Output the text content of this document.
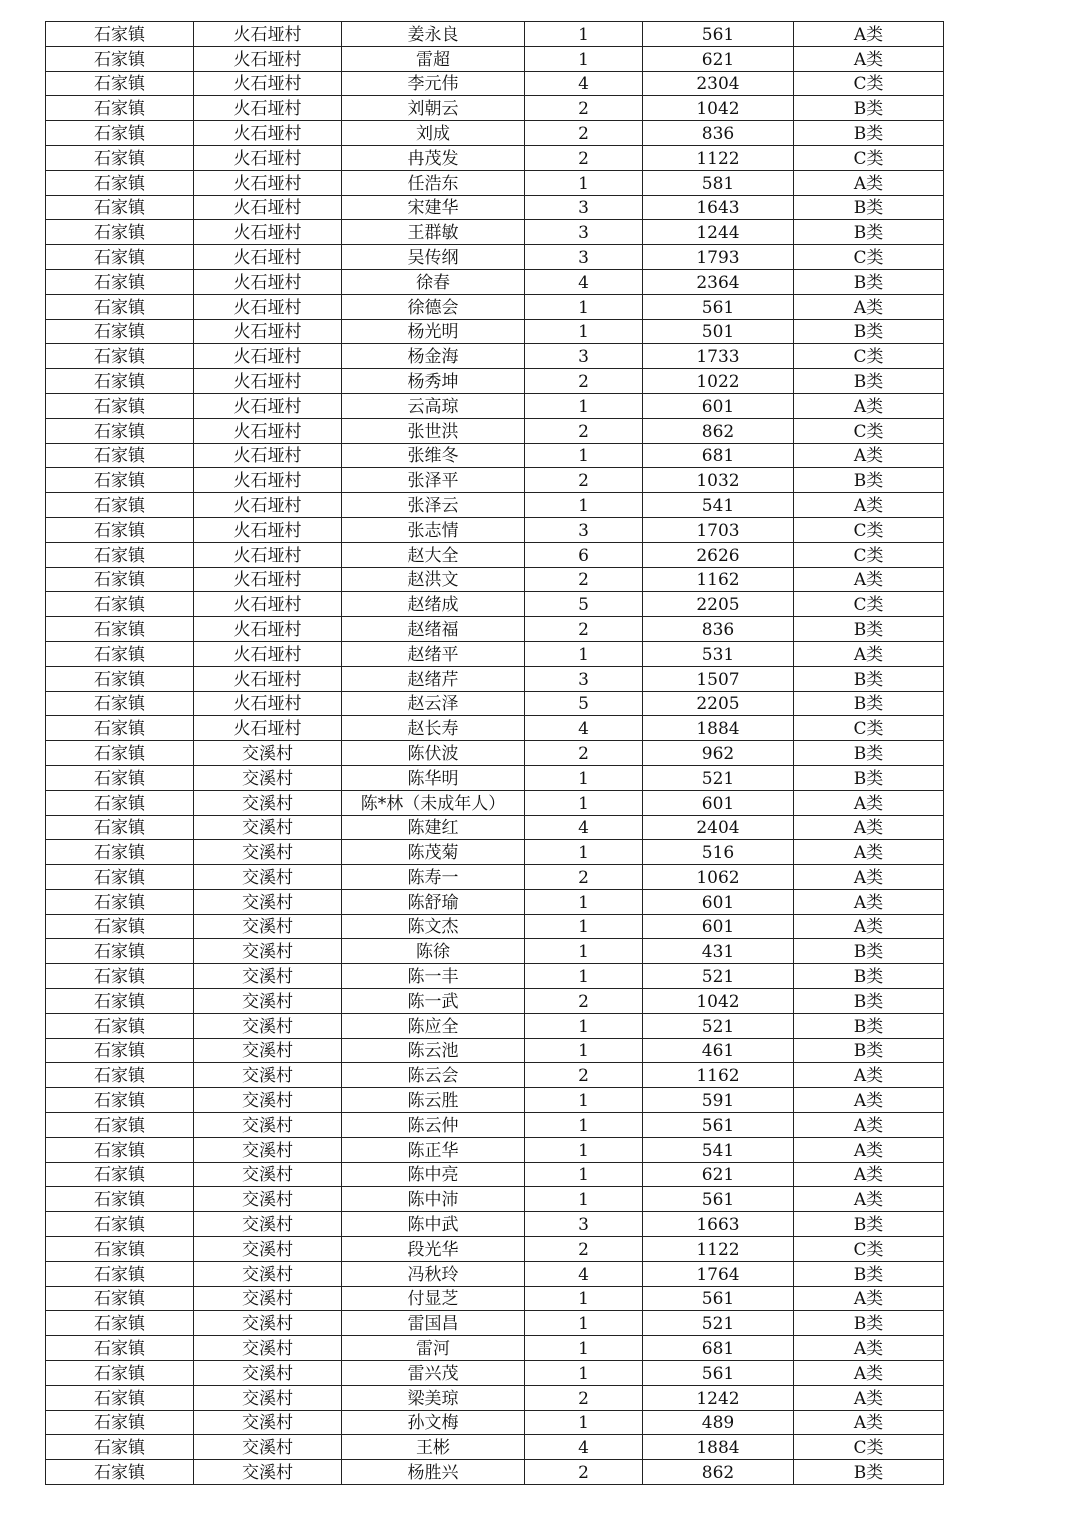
石家镇	火石垭村	姜永良	1	561	A类
石家镇	火石垭村	雷超	1	621	A类
石家镇	火石垭村	李元伟	4	2304	C类
石家镇	火石垭村	刘朝云	2	1042	B类
石家镇	火石垭村	刘成	2	836	B类
石家镇	火石垭村	冉茂发	2	1122	C类
石家镇	火石垭村	任浩东	1	581	A类
石家镇	火石垭村	宋建华	3	1643	B类
石家镇	火石垭村	王群敏	3	1244	B类
石家镇	火石垭村	吴传纲	3	1793	C类
石家镇	火石垭村	徐春	4	2364	B类
石家镇	火石垭村	徐德会	1	561	A类
石家镇	火石垭村	杨光明	1	501	B类
石家镇	火石垭村	杨金海	3	1733	C类
石家镇	火石垭村	杨秀坤	2	1022	B类
石家镇	火石垭村	云高琼	1	601	A类
石家镇	火石垭村	张世洪	2	862	C类
石家镇	火石垭村	张维冬	1	681	A类
石家镇	火石垭村	张泽平	2	1032	B类
石家镇	火石垭村	张泽云	1	541	A类
石家镇	火石垭村	张志情	3	1703	C类
石家镇	火石垭村	赵大全	6	2626	C类
石家镇	火石垭村	赵洪文	2	1162	A类
石家镇	火石垭村	赵绪成	5	2205	C类
石家镇	火石垭村	赵绪福	2	836	B类
石家镇	火石垭村	赵绪平	1	531	A类
石家镇	火石垭村	赵绪芹	3	1507	B类
石家镇	火石垭村	赵云泽	5	2205	B类
石家镇	火石垭村	赵长寿	4	1884	C类
石家镇	交溪村	陈伏波	2	962	B类
石家镇	交溪村	陈华明	1	521	B类
石家镇	交溪村	陈*林（未成年人）	1	601	A类
石家镇	交溪村	陈建红	4	2404	A类
石家镇	交溪村	陈茂菊	1	516	A类
石家镇	交溪村	陈寿一	2	1062	A类
石家镇	交溪村	陈舒瑜	1	601	A类
石家镇	交溪村	陈文杰	1	601	A类
石家镇	交溪村	陈徐	1	431	B类
石家镇	交溪村	陈一丰	1	521	B类
石家镇	交溪村	陈一武	2	1042	B类
石家镇	交溪村	陈应全	1	521	B类
石家镇	交溪村	陈云池	1	461	B类
石家镇	交溪村	陈云会	2	1162	A类
石家镇	交溪村	陈云胜	1	591	A类
石家镇	交溪村	陈云仲	1	561	A类
石家镇	交溪村	陈正华	1	541	A类
石家镇	交溪村	陈中亮	1	621	A类
石家镇	交溪村	陈中沛	1	561	A类
石家镇	交溪村	陈中武	3	1663	B类
石家镇	交溪村	段光华	2	1122	C类
石家镇	交溪村	冯秋玲	4	1764	B类
石家镇	交溪村	付显芝	1	561	A类
石家镇	交溪村	雷国昌	1	521	B类
石家镇	交溪村	雷河	1	681	A类
石家镇	交溪村	雷兴茂	1	561	A类
石家镇	交溪村	梁美琼	2	1242	A类
石家镇	交溪村	孙文梅	1	489	A类
石家镇	交溪村	王彬	4	1884	C类
石家镇	交溪村	杨胜兴	2	862	B类
